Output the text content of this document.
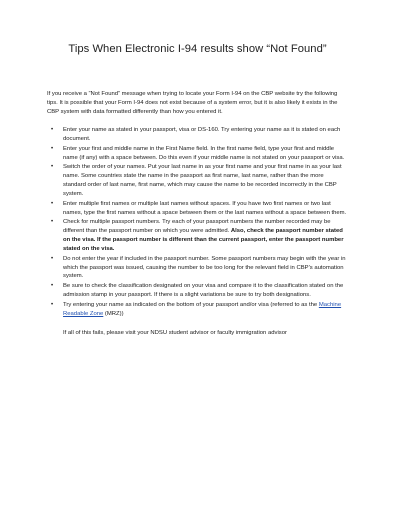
Tips When Electronic I-94 results show “Not Found”

If you receive a “Not Found” message when trying to locate your Form I-94 on the CBP website try the following tips. It is possible that your Form I-94 does not exist because of a system error, but it is also likely it exists in the CBP system with data formatted differently than how you entered it.

• Enter your name as stated in your passport, visa or DS-160. Try entering your name as it is stated on each document.
• Enter your first and middle name in the First Name field. In the first name field, type your first and middle name (if any) with a space between. Do this even if your middle name is not stated on your passport or visa.
• Switch the order of your names. Put your last name in as your first name and your first name in as your last name. Some countries state the name in the passport as first name, last name, rather than the more standard order of last name, first name, which may cause the name to be recorded incorrectly in the CBP system.
• Enter multiple first names or multiple last names without spaces. If you have two first names or two last names, type the first names without a space between them or the last names without a space between them.
• Check for multiple passport numbers. Try each of your passport numbers the number recorded may be different than the passport number on which you were admitted. Also, check the passport number stated on the visa. If the passport number is different than the current passport, enter the passport number stated on the visa.
• Do not enter the year if included in the passport number. Some passport numbers may begin with the year in which the passport was issued, causing the number to be too long for the relevant field in CBP’s automation system.
• Be sure to check the classification designated on your visa and compare it to the classification stated on the admission stamp in your passport. If there is a slight variations be sure to try both designations.
• Try entering your name as indicated on the bottom of your passport and/or visa (referred to as the Machine Readable Zone (MRZ))

If all of this fails, please visit your NDSU student advisor or faculty immigration advisor
